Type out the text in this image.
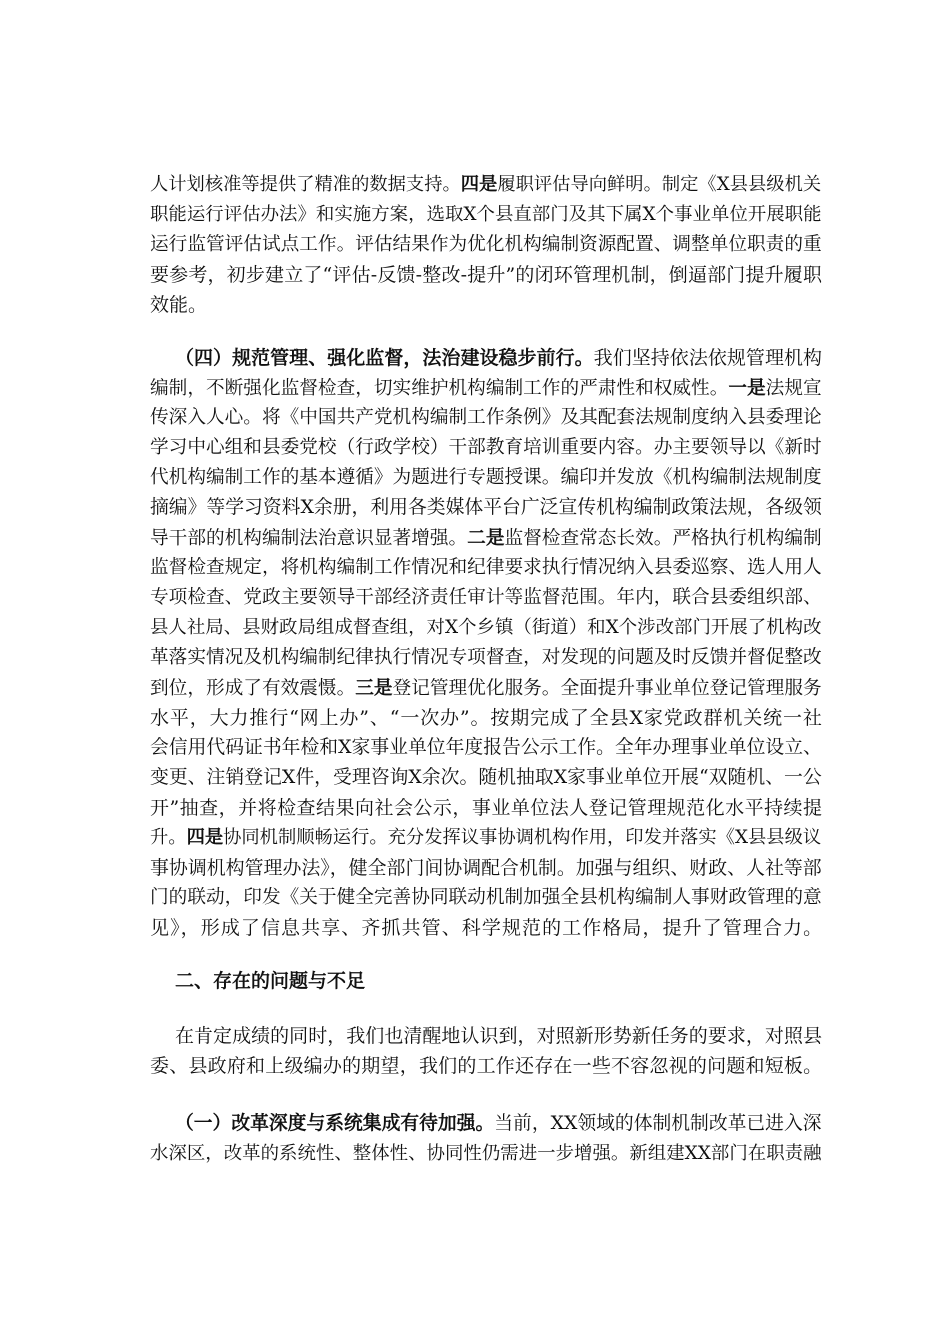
人计划核准等提供了精准的数据支持。四是履职评估导向鲜明。制定《X县县级机关
职能运行评估办法》和实施方案，选取X个县直部门及其下属X个事业单位开展职能
运行监管评估试点工作。评估结果作为优化机构编制资源配置、调整单位职责的重
要参考，初步建立了“评估-反馈-整改-提升”的闭环管理机制，倒逼部门提升履职
效能。
（四）规范管理、强化监督，法治建设稳步前行。我们坚持依法依规管理机构
编制，不断强化监督检查，切实维护机构编制工作的严肃性和权威性。一是法规宣
传深入人心。将《中国共产党机构编制工作条例》及其配套法规制度纳入县委理论
学习中心组和县委党校（行政学校）干部教育培训重要内容。办主要领导以《新时
代机构编制工作的基本遵循》为题进行专题授课。编印并发放《机构编制法规制度
摘编》等学习资料X余册，利用各类媒体平台广泛宣传机构编制政策法规，各级领
导干部的机构编制法治意识显著增强。二是监督检查常态长效。严格执行机构编制
监督检查规定，将机构编制工作情况和纪律要求执行情况纳入县委巡察、选人用人
专项检查、党政主要领导干部经济责任审计等监督范围。年内，联合县委组织部、
县人社局、县财政局组成督查组，对X个乡镇（街道）和X个涉改部门开展了机构改
革落实情况及机构编制纪律执行情况专项督查，对发现的问题及时反馈并督促整改
到位，形成了有效震慑。三是登记管理优化服务。全面提升事业单位登记管理服务
水平，大力推行“网上办”、“一次办”。按期完成了全县X家党政群机关统一社
会信用代码证书年检和X家事业单位年度报告公示工作。全年办理事业单位设立、
变更、注销登记X件，受理咨询X余次。随机抽取X家事业单位开展“双随机、一公
开”抽查，并将检查结果向社会公示，事业单位法人登记管理规范化水平持续提
升。四是协同机制顺畅运行。充分发挥议事协调机构作用，印发并落实《X县县级议
事协调机构管理办法》，健全部门间协调配合机制。加强与组织、财政、人社等部
门的联动，印发《关于健全完善协同联动机制加强全县机构编制人事财政管理的意
见》，形成了信息共享、齐抓共管、科学规范的工作格局，提升了管理合力。
二、存在的问题与不足
在肯定成绩的同时，我们也清醒地认识到，对照新形势新任务的要求，对照县
委、县政府和上级编办的期望，我们的工作还存在一些不容忽视的问题和短板。
（一）改革深度与系统集成有待加强。当前，XX领域的体制机制改革已进入深
水深区，改革的系统性、整体性、协同性仍需进一步增强。新组建XX部门在职责融
